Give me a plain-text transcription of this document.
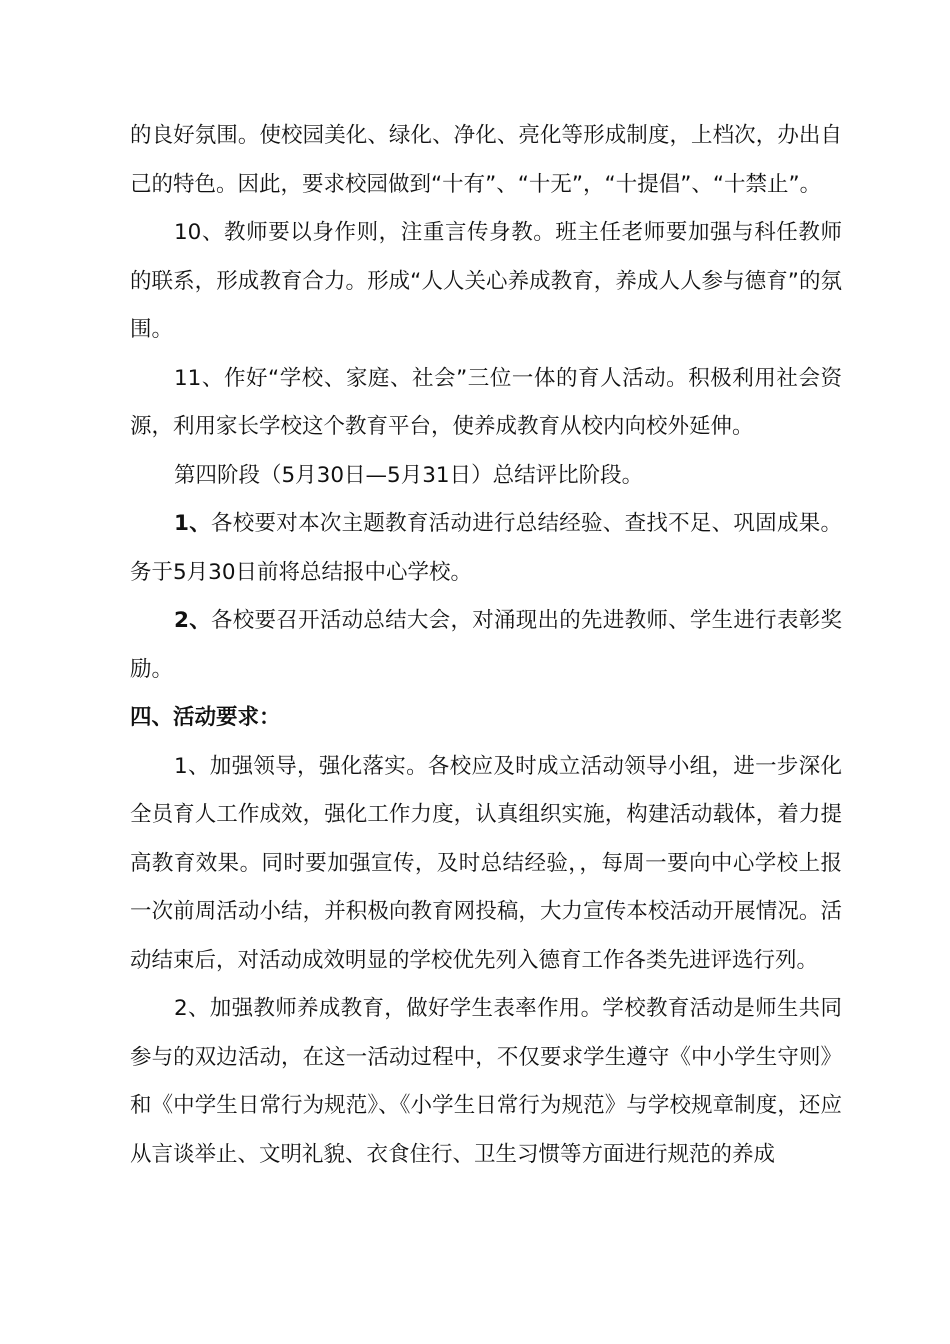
的良好氛围。使校园美化、绿化、净化、亮化等形成制度，上档次，办出自己的特色。因此，要求校园做到“十有”、“十无”，“十提倡”、“十禁止”。

10、教师要以身作则，注重言传身教。班主任老师要加强与科任教师的联系，形成教育合力。形成“人人关心养成教育，养成人人参与德育”的氛围。

11、作好“学校、家庭、社会”三位一体的育人活动。积极利用社会资源，利用家长学校这个教育平台，使养成教育从校内向校外延伸。

第四阶段（5月30日—5月31日）总结评比阶段。

1、各校要对本次主题教育活动进行总结经验、查找不足、巩固成果。务于5月30日前将总结报中心学校。

2、各校要召开活动总结大会，对涌现出的先进教师、学生进行表彰奖励。

四、活动要求：

1、加强领导，强化落实。各校应及时成立活动领导小组，进一步深化全员育人工作成效，强化工作力度，认真组织实施，构建活动载体，着力提高教育效果。同时要加强宣传，及时总结经验，，每周一要向中心学校上报一次前周活动小结，并积极向教育网投稿，大力宣传本校活动开展情况。活动结束后，对活动成效明显的学校优先列入德育工作各类先进评选行列。

2、加强教师养成教育，做好学生表率作用。学校教育活动是师生共同参与的双边活动，在这一活动过程中，不仅要求学生遵守《中小学生守则》和《中学生日常行为规范》、《小学生日常行为规范》与学校规章制度，还应从言谈举止、文明礼貌、衣食住行、卫生习惯等方面进行规范的养成
